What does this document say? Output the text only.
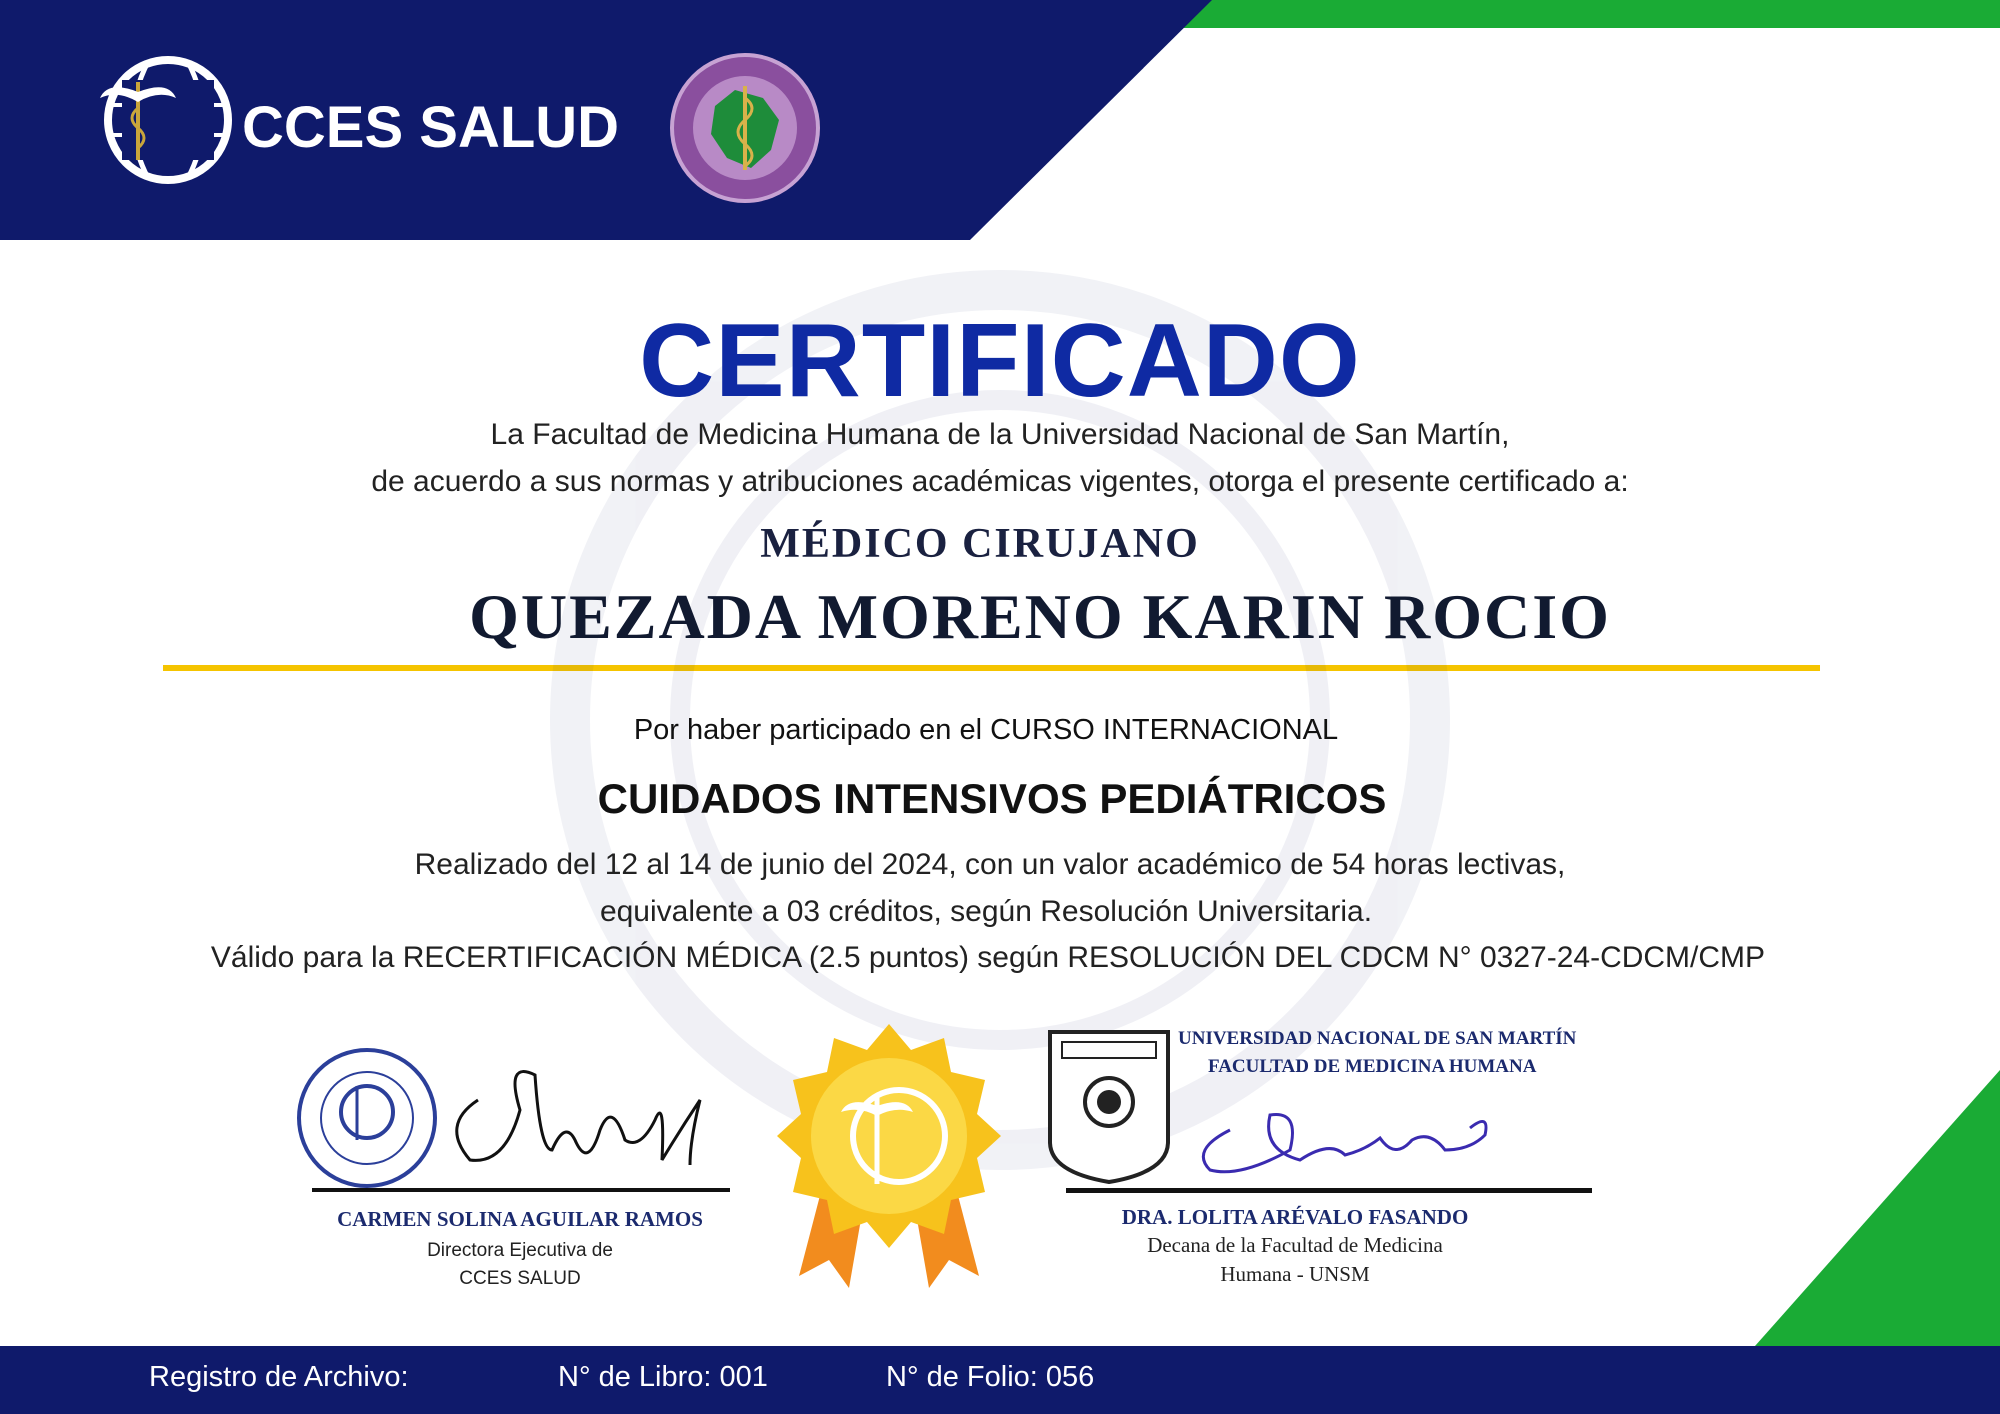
CCES SALUD
CERTIFICADO
La Facultad de Medicina Humana de la Universidad Nacional de San Martín,
de acuerdo a sus normas y atribuciones académicas vigentes, otorga el presente certificado a:
MÉDICO CIRUJANO
QUEZADA MORENO KARIN ROCIO
Por haber participado en el CURSO INTERNACIONAL
CUIDADOS INTENSIVOS PEDIÁTRICOS
Realizado del 12 al 14 de junio del 2024, con un valor académico de 54 horas lectivas,
equivalente a 03 créditos, según Resolución Universitaria.
Válido para la RECERTIFICACIÓN MÉDICA (2.5 puntos) según RESOLUCIÓN DEL CDCM N° 0327-24-CDCM/CMP
UNIVERSIDAD NACIONAL DE SAN MARTÍN
FACULTAD DE MEDICINA HUMANA
CARMEN SOLINA AGUILAR RAMOS
Directora Ejecutiva de
CCES SALUD
DRA. LOLITA ARÉVALO FASANDO
Decana de la Facultad de Medicina
Humana - UNSM
Registro de Archivo:	N° de Libro: 001	N° de Folio: 056
